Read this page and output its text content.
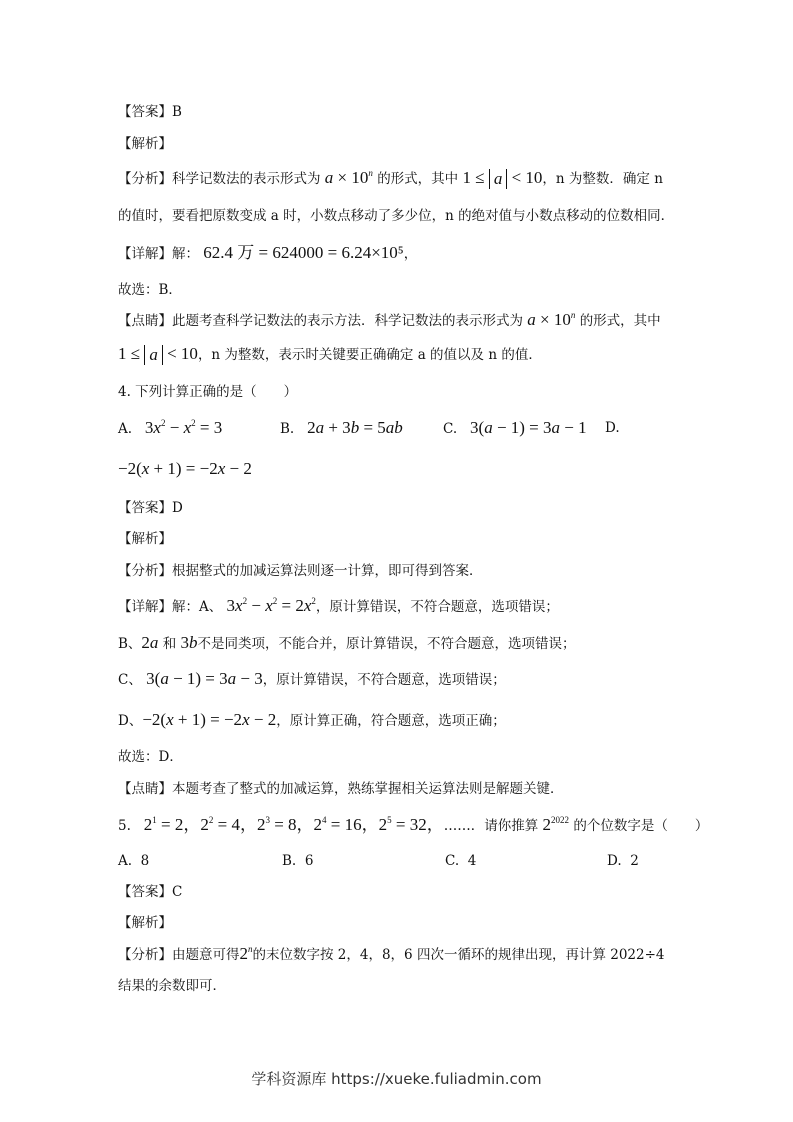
【答案】B
【解析】
【分析】科学记数法的表示形式为 $a \times 10^n$ 的形式，其中 1 ≤ a < 10，n 为整数．确定 n
的值时，要看把原数变成 a 时，小数点移动了多少位，n 的绝对值与小数点移动的位数相同．
【详解】解： 62.4 万 = 624000 = 6.24×10⁵，
故选：B．
【点睛】此题考查科学记数法的表示方法．科学记数法的表示形式为 $a \times 10^n$ 的形式，其中
1 ≤ a < 10，n 为整数，表示时关键要正确确定 a 的值以及 n 的值．
4. 下列计算正确的是（　　）
A. $3x^2 - x^2 = 3$	B. 2a + 3b = 5ab	C. 3(a − 1) = 3a − 1 D.
−2(x + 1) = −2x − 2
【答案】D
【解析】
【分析】根据整式的加减运算法则逐一计算，即可得到答案．
【详解】解：A、 $3x^2 - x^2 = 2x^2$，原计算错误，不符合题意，选项错误；
B、2a 和 3b不是同类项，不能合并，原计算错误，不符合题意，选项错误；
C、 3(a − 1) = 3a − 3，原计算错误，不符合题意，选项错误；
D、−2(x + 1) = −2x − 2，原计算正确，符合题意，选项正确；
故选：D．
【点睛】本题考查了整式的加减运算，熟练掌握相关运算法则是解题关键．
5. $2^1 = 2$，$2^2 = 4$，$2^3 = 8$，$2^4 = 16$，$2^5 = 32$，……．请你推算 $2^{2022}$ 的个位数字是（　　）
A. 8	B. 6	C. 4	D. 2
【答案】C
【解析】
【分析】由题意可得2$^n$的末位数字按 2，4，8，6 四次一循环的规律出现，再计算 2022÷4
结果的余数即可．
学科资源库 https://xueke.fuliadmin.com
